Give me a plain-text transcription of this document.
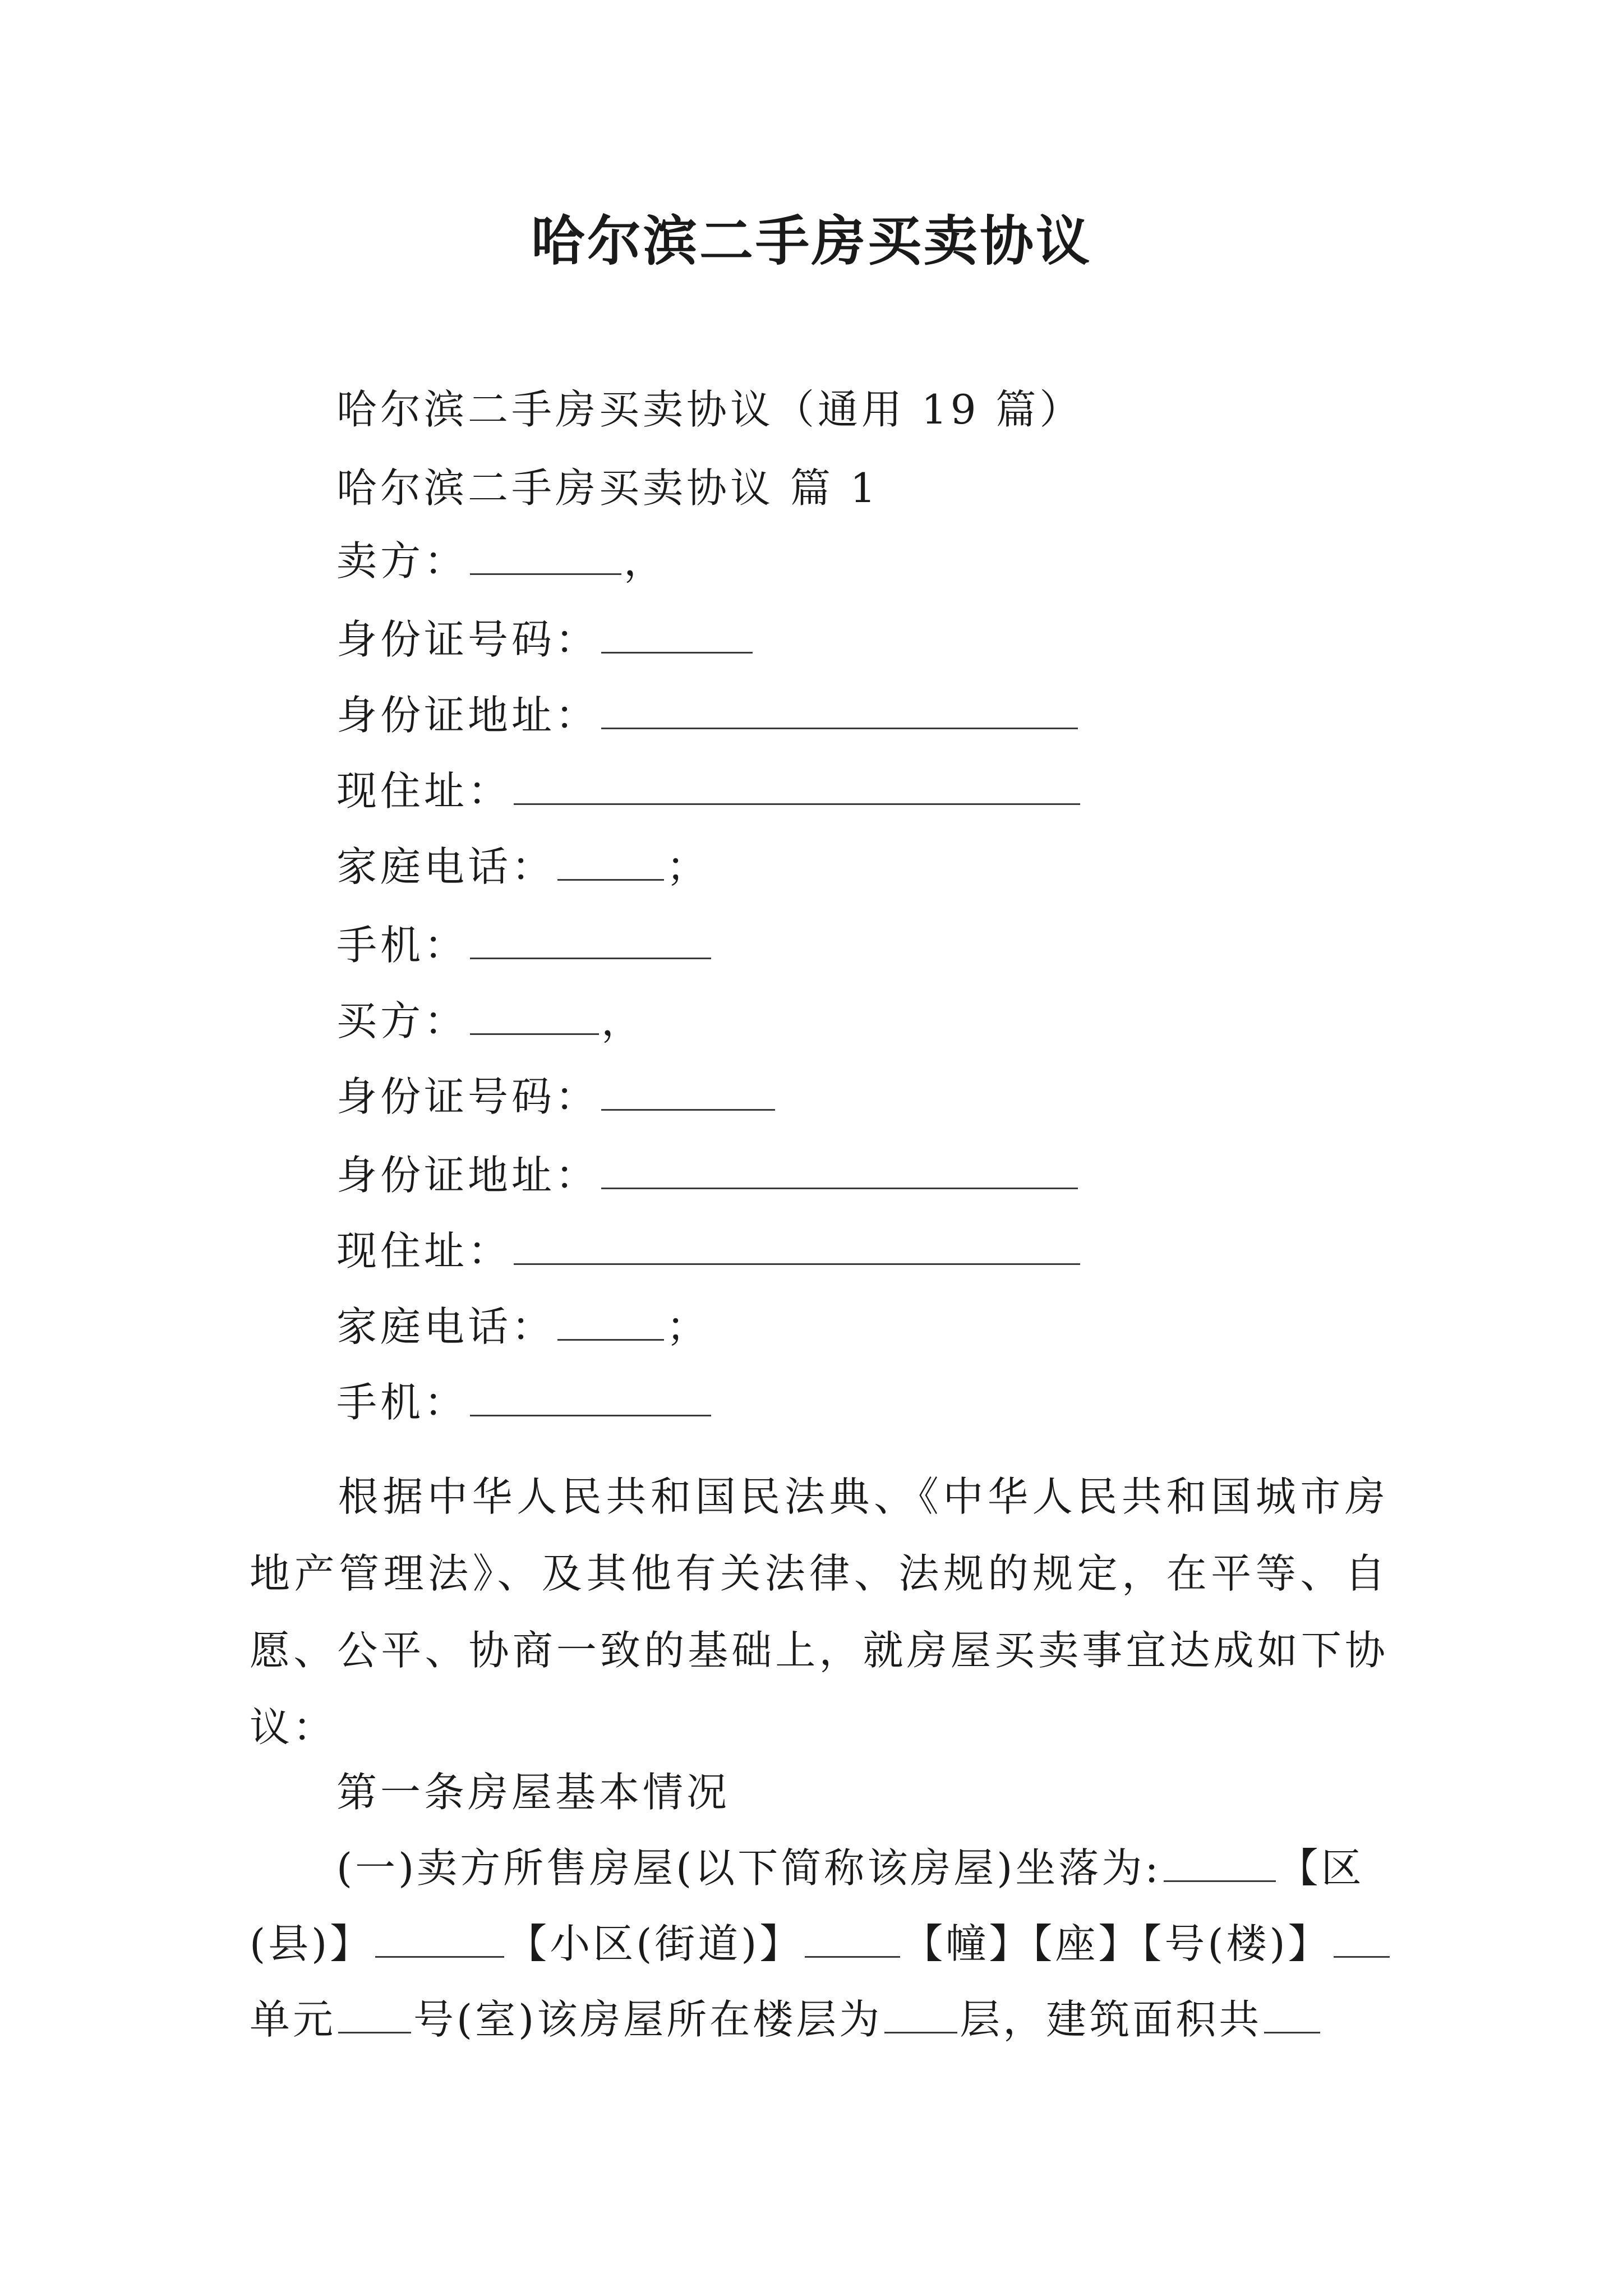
哈尔滨二手房买卖协议
哈尔滨二手房买卖协议（通用 19 篇）
哈尔滨二手房买卖协议 篇 1
卖方：	，
身份证号码：
身份证地址：
现住址：
家庭电话：	；
手机：
买方：	，
身份证号码：
身份证地址：
现住址：
家庭电话：	；
手机：
根据中华人民共和国民法典、《中华人民共和国城市房地产管理法》、及其他有关法律、法规的规定，在平等、自愿、公平、协商一致的基础上，就房屋买卖事宜达成如下协议：
第一条房屋基本情况
(一)卖方所售房屋(以下简称该房屋)坐落为:	【区
(县)】	【小区(街道)】 【幢】【座】【号(楼)】
单元 号(室)该房屋所在楼层为 层，建筑面积共
